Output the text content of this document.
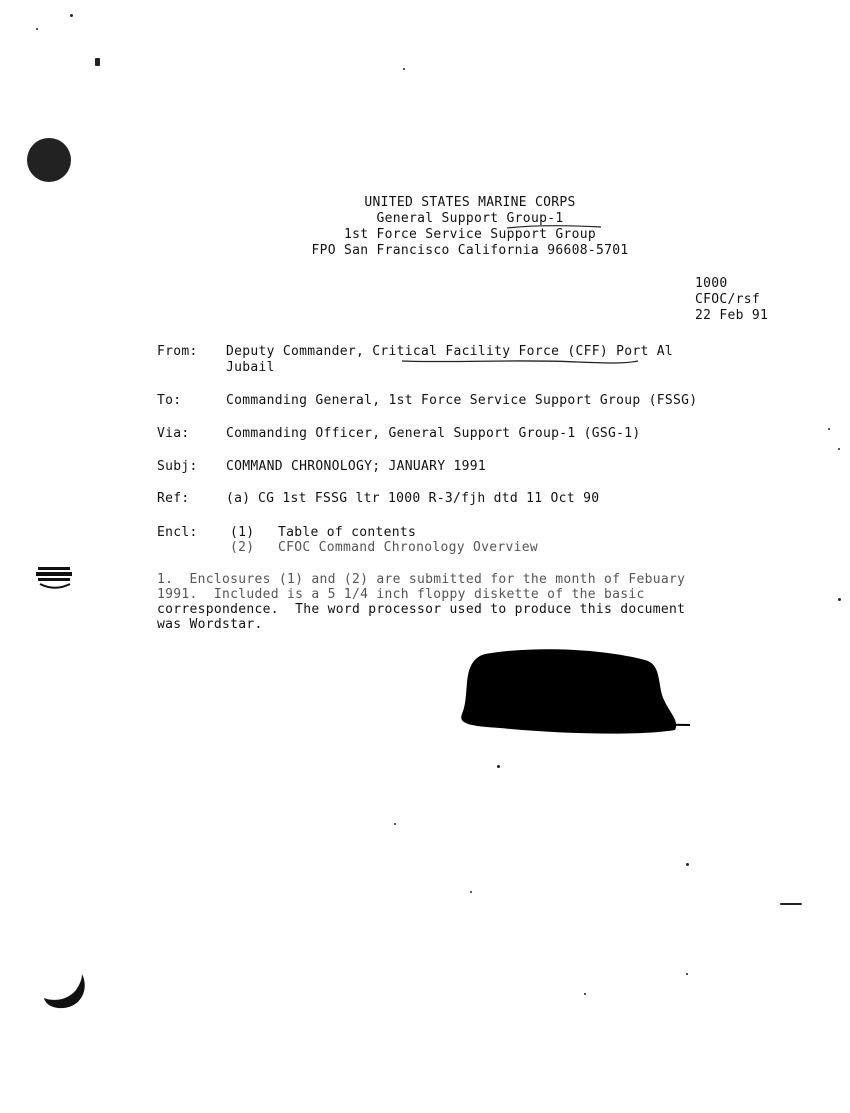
UNITED STATES MARINE CORPS
General Support Group-1
1st Force Service Support Group
FPO San Francisco California 96608-5701
1000
CFOC/rsf
22 Feb 91
From: Deputy Commander, Critical Facility Force (CFF) Port Al
Jubail
To:	Commanding General, 1st Force Service Support Group (FSSG)
Via:	Commanding Officer, General Support Group-1 (GSG-1)
Subj: COMMAND CHRONOLOGY; JANUARY 1991
Ref:	(a) CG 1st FSSG ltr 1000 R-3/fjh dtd 11 Oct 90
Encl: (1) Table of contents
(2) CFOC Command Chronology Overview
1.  Enclosures (1) and (2) are submitted for the month of Febuary
1991.  Included is a 5 1/4 inch floppy diskette of the basic
correspondence.  The word processor used to produce this document
was Wordstar.
